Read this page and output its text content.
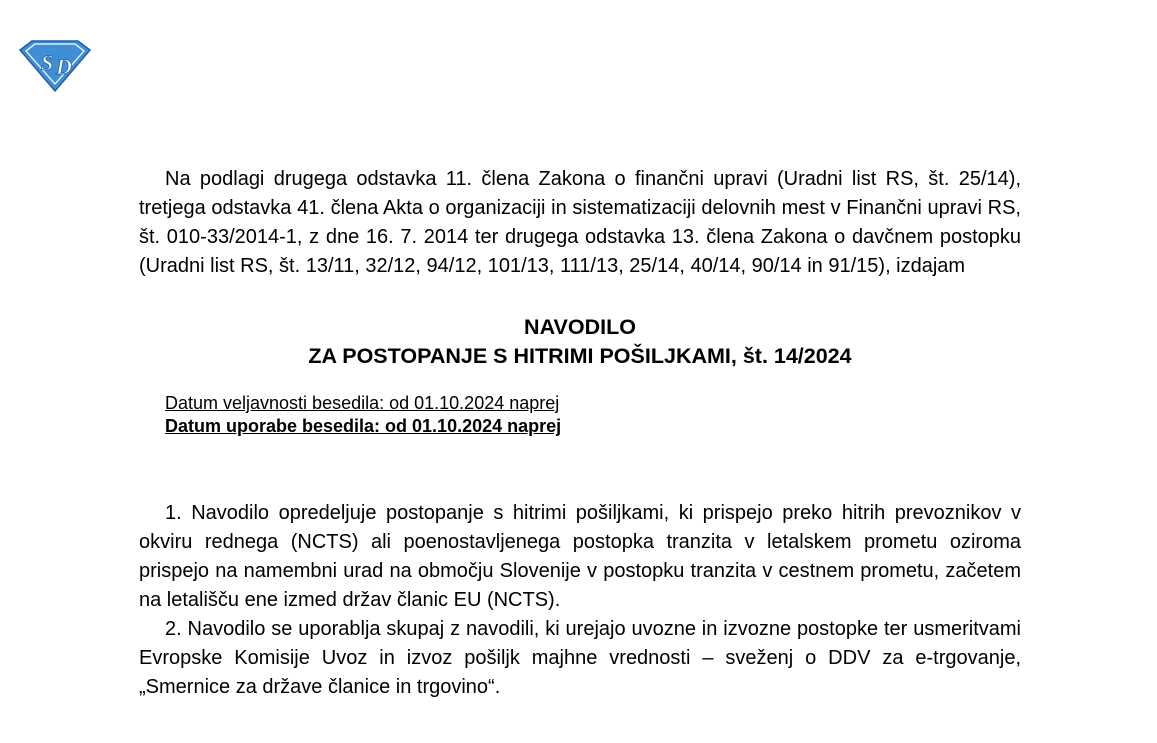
S D

Na podlagi drugega odstavka 11. člena Zakona o finančni upravi (Uradni list RS, št. 25/14), tretjega odstavka 41. člena Akta o organizaciji in sistematizaciji delovnih mest v Finančni upravi RS, št. 010-33/2014-1, z dne 16. 7. 2014 ter drugega odstavka 13. člena Zakona o davčnem postopku (Uradni list RS, št. 13/11, 32/12, 94/12, 101/13, 111/13, 25/14, 40/14, 90/14 in 91/15), izdajam

NAVODILO
ZA POSTOPANJE S HITRIMI POŠILJKAMI, št. 14/2024
Datum veljavnosti besedila: od 01.10.2024 naprej
Datum uporabe besedila: od 01.10.2024 naprej

1. Navodilo opredeljuje postopanje s hitrimi pošiljkami, ki prispejo preko hitrih prevoznikov v okviru rednega (NCTS) ali poenostavljenega postopka tranzita v letalskem prometu oziroma prispejo na namembni urad na območju Slovenije v postopku tranzita v cestnem prometu, začetem na letališču ene izmed držav članic EU (NCTS).

2. Navodilo se uporablja skupaj z navodili, ki urejajo uvozne in izvozne postopke ter usmeritvami Evropske Komisije Uvoz in izvoz pošiljk majhne vrednosti – sveženj o DDV za e-trgovanje, „Smernice za države članice in trgovino“.
